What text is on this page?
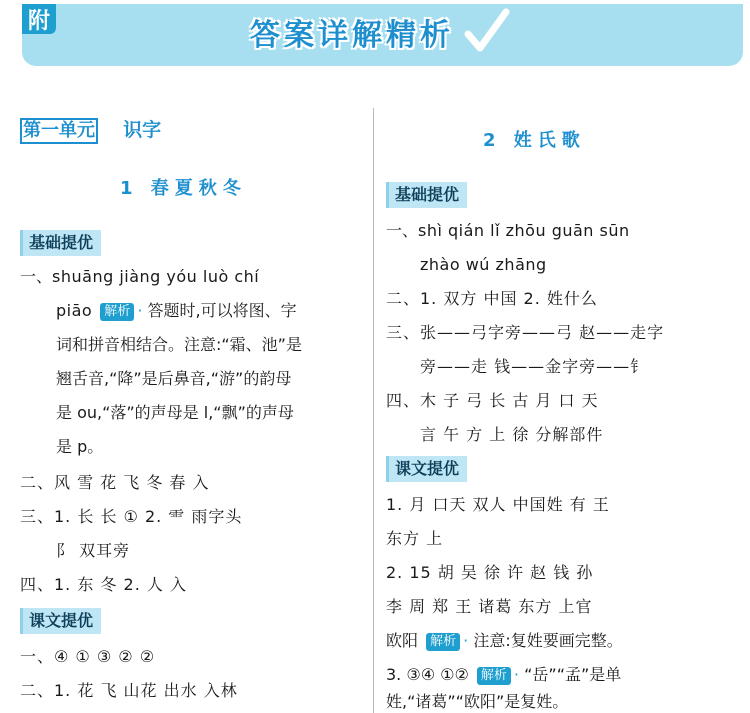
附	答 案 详 解 精 析
第一单元 识字
1 春夏秋冬
基础提优
一、shuāng jiàng yóu luò chí
piāo 解析 · 答题时,可以将图、字
词和拼音相结合。注意:“霜、池”是
翘舌音,“降”是后鼻音,“游”的韵母
是 ou,“落”的声母是 l,“飘”的声母
是 p。
二、风 雪 花 飞 冬 春 入
三、1. ⻓ ⻓ ① 2. ⻗ 雨字头
⻖ 双耳旁
四、1. 东 冬 2. 人 入
课文提优
一、④ ① ③ ② ②
二、1. 花 飞 山花 出水 入林
2 姓氏歌
基础提优
一、shì qián lǐ zhōu guān sūn
zhào wú zhāng
二、1. 双方 中国 2. 姓什么
三、张——弓字旁——弓 赵——走字
旁——走 钱——金字旁——钅
四、木 子 弓 长 古 月 口 天
言 午 方 上 徐 分解部件
课文提优
1. 月 口天 双人 中国姓 有 王
东方 上
2. 15 胡 吴 徐 许 赵 钱 孙
李 周 郑 王 诸葛 东方 上官
欧阳 解析 · 注意:复姓要画完整。
3. ③④ ①② 解析 · “岳”“孟”是单
姓,“诸葛”“欧阳”是复姓。
